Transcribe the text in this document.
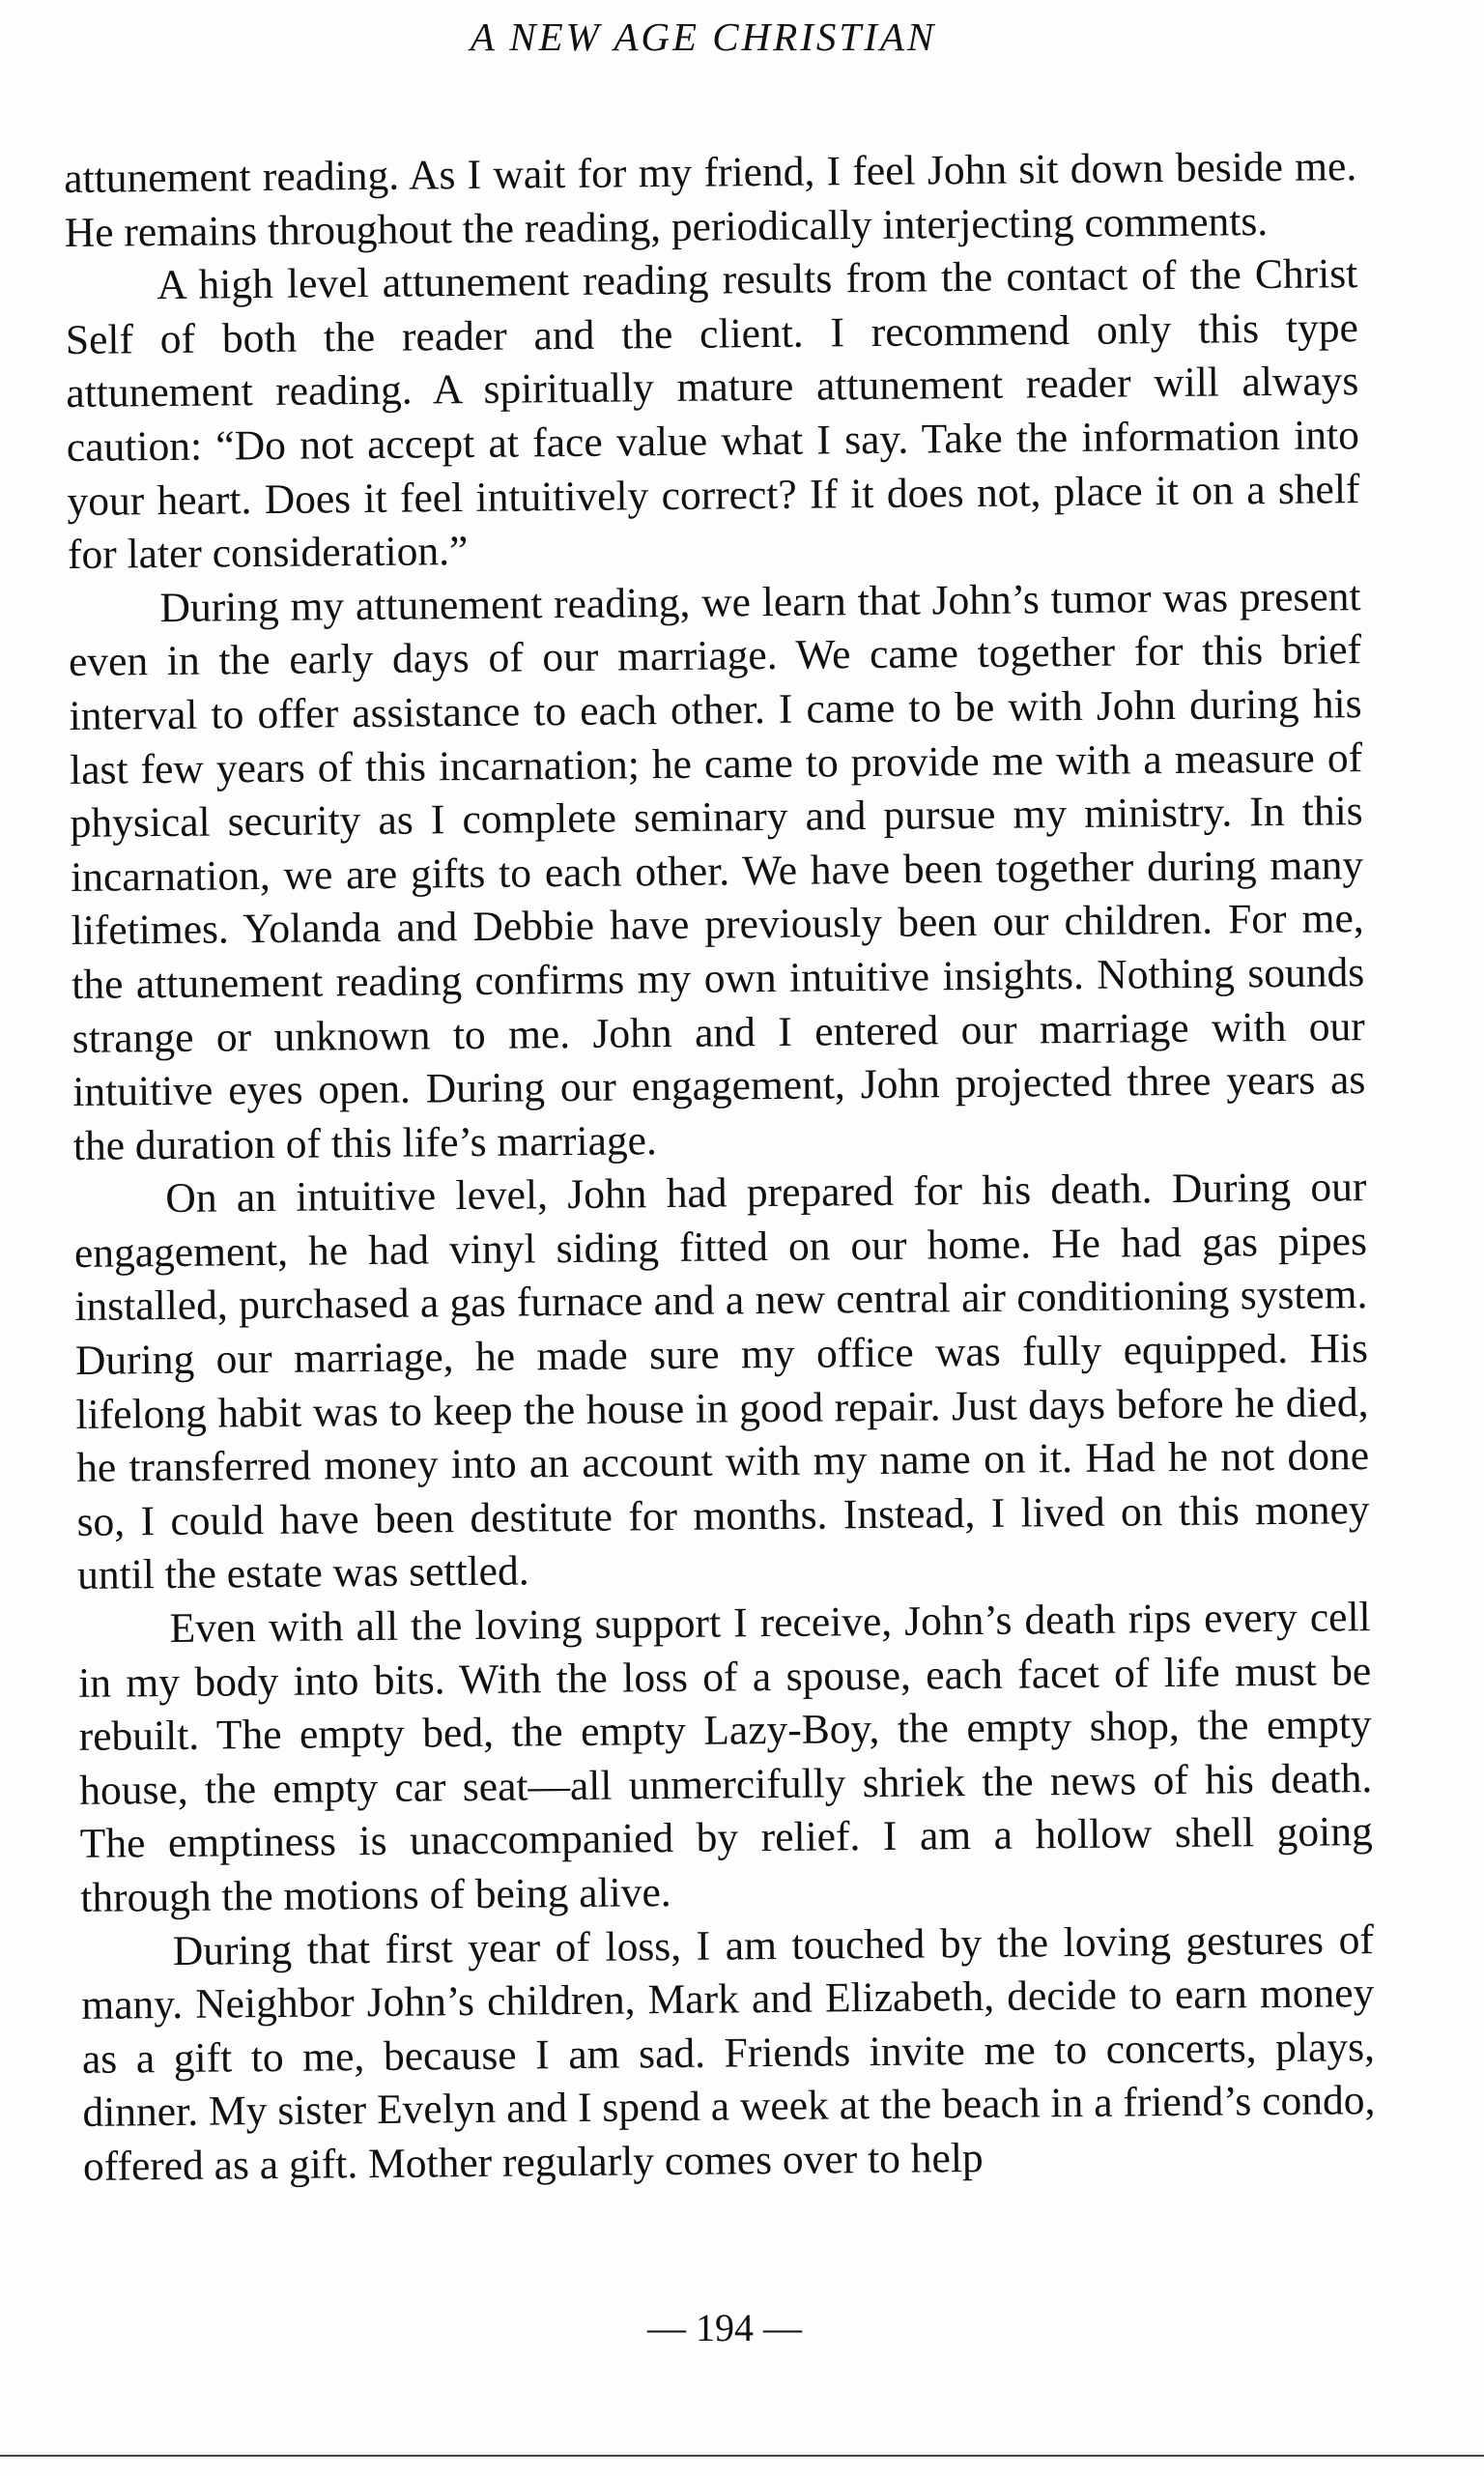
A NEW AGE CHRISTIAN

attunement reading. As I wait for my friend, I feel John sit down beside me. He remains throughout the reading, periodically interjecting comments.

A high level attunement reading results from the contact of the Christ Self of both the reader and the client. I recommend only this type attunement reading. A spiritually mature attunement reader will always caution: “Do not accept at face value what I say. Take the information into your heart. Does it feel intuitively correct? If it does not, place it on a shelf for later consideration.”

During my attunement reading, we learn that John’s tumor was present even in the early days of our marriage. We came together for this brief interval to offer assistance to each other. I came to be with John during his last few years of this incarnation; he came to provide me with a measure of physical security as I complete seminary and pursue my ministry. In this incarnation, we are gifts to each other. We have been together during many lifetimes. Yolanda and Debbie have previously been our children. For me, the attunement reading confirms my own intuitive insights. Nothing sounds strange or unknown to me. John and I entered our marriage with our intuitive eyes open. During our engagement, John projected three years as the duration of this life’s marriage.

On an intuitive level, John had prepared for his death. During our engagement, he had vinyl siding fitted on our home. He had gas pipes installed, purchased a gas furnace and a new central air conditioning system. During our marriage, he made sure my office was fully equipped. His lifelong habit was to keep the house in good repair. Just days before he died, he transferred money into an account with my name on it. Had he not done so, I could have been destitute for months. Instead, I lived on this money until the estate was settled.

Even with all the loving support I receive, John’s death rips every cell in my body into bits. With the loss of a spouse, each facet of life must be rebuilt. The empty bed, the empty Lazy-Boy, the empty shop, the empty house, the empty car seat—all unmercifully shriek the news of his death. The emptiness is unaccompanied by relief. I am a hollow shell going through the motions of being alive.

During that first year of loss, I am touched by the loving gestures of many. Neighbor John’s children, Mark and Elizabeth, decide to earn money as a gift to me, because I am sad. Friends invite me to concerts, plays, dinner. My sister Evelyn and I spend a week at the beach in a friend’s condo, offered as a gift. Mother regularly comes over to help

— 194 —
